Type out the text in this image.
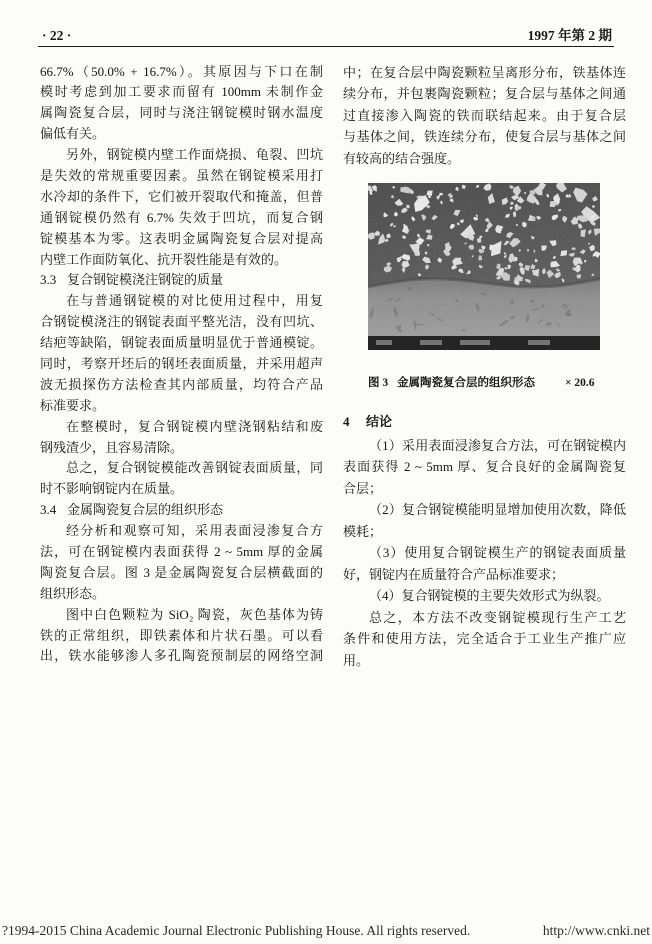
· 22 ·	1997 年第 2 期
66.7%（50.0% + 16.7%）。其原因与下口在制
模时考虑到加工要求而留有 100mm 未制作金
属陶瓷复合层，同时与浇注钢锭模时钢水温度
偏低有关。
另外，钢锭模内壁工作面烧损、龟裂、凹坑
是失效的常规重要因素。虽然在钢锭模采用打
水冷却的条件下，它们被开裂取代和掩盖，但普
通钢锭模仍然有 6.7% 失效于凹坑，而复合钢
锭模基本为零。这表明金属陶瓷复合层对提高
内壁工作面防氧化、抗开裂性能是有效的。
3.3 复合钢锭模浇注钢锭的质量
在与普通钢锭模的对比使用过程中，用复
合钢锭模浇注的钢锭表面平整光洁，没有凹坑、
结疤等缺陷，钢锭表面质量明显优于普通模锭。
同时，考察开坯后的钢坯表面质量，并采用超声
波无损探伤方法检查其内部质量，均符合产品
标准要求。
在整模时，复合钢锭模内壁浇钢粘结和废
钢残渣少，且容易清除。
总之，复合钢锭模能改善钢锭表面质量，同
时不影响钢锭内在质量。
3.4 金属陶瓷复合层的组织形态
经分析和观察可知，采用表面浸渗复合方
法，可在钢锭模内表面获得 2 ~ 5mm 厚的金属
陶瓷复合层。图 3 是金属陶瓷复合层横截面的
组织形态。
图中白色颗粒为 SiO₂ 陶瓷，灰色基体为铸
铁的正常组织，即铁素体和片状石墨。可以看
出，铁水能够渗人多孔陶瓷预制层的网络空洞
中；在复合层中陶瓷颗粒呈离形分布，铁基体连
续分布，并包裹陶瓷颗粒；复合层与基体之间通
过直接渗入陶瓷的铁而联结起来。由于复合层
与基体之间，铁连续分布，使复合层与基体之间
有较高的结合强度。
图 3 金属陶瓷复合层的组织形态	× 20.6
4 结论
（1）采用表面浸渗复合方法，可在钢锭模内
表面获得 2 ~ 5mm 厚、复合良好的金属陶瓷复
合层；
（2）复合钢锭模能明显增加使用次数，降低
模耗；
（3）使用复合钢锭模生产的钢锭表面质量
好，钢锭内在质量符合产品标准要求；
（4）复合钢锭模的主要失效形式为纵裂。
总之，本方法不改变钢锭模现行生产工艺
条件和使用方法，完全适合于工业生产推广应
用。
?1994-2015 China Academic Journal Electronic Publishing House. All rights reserved.	http://www.cnki.net
